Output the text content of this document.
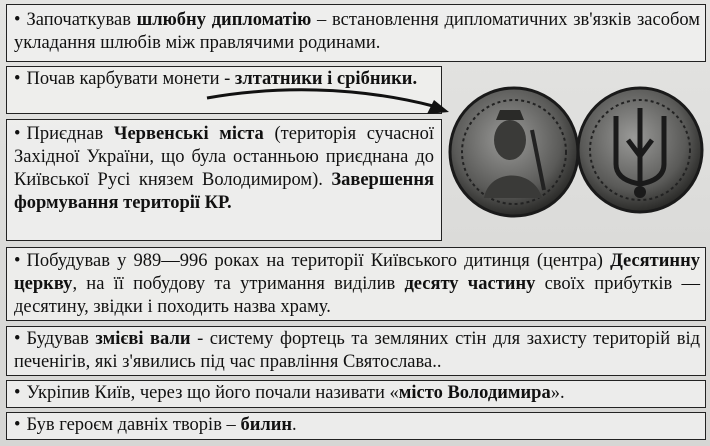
• Започаткував шлюбну дипломатію – встановлення дипломатичних зв'язків засобом укладання шлюбів між правлячими родинами.

• Почав карбувати монети - злтатники і срібники.

• Приєднав Червенські міста (територія сучасної Західної України, що була останньою приєднана до Київської Русі князем Володимиром). Завершення формування території КР.

• Побудував у 989—996 роках на території Київського дитинця (центра) Десятинну церкву, на її побудову та утримання виділив десяту частину своїх прибутків — десятину, звідки і походить назва храму.

• Будував змієві вали - систему фортець та земляних стін для захисту територій від печенігів, які з'явились під час правління Святослава..

• Укріпив Київ, через що його почали називати «місто Володимира».

• Був героєм давніх творів – билин.
